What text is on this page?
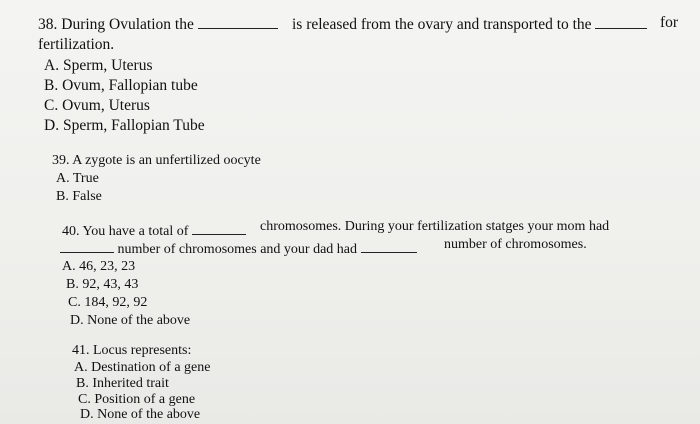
38. During Ovulation the	is released from the ovary and transported to the	for
fertilization.
A. Sperm, Uterus
B. Ovum, Fallopian tube
C. Ovum, Uterus
D. Sperm, Fallopian Tube
39. A zygote is an unfertilized oocyte
A. True
B. False
40. You have a total of	chromosomes. During your fertilization statges your mom had
number of chromosomes and your dad had	number of chromosomes.
A. 46, 23, 23
B. 92, 43, 43
C. 184, 92, 92
D. None of the above
41. Locus represents:
A. Destination of a gene
B. Inherited trait
C. Position of a gene
D. None of the above
